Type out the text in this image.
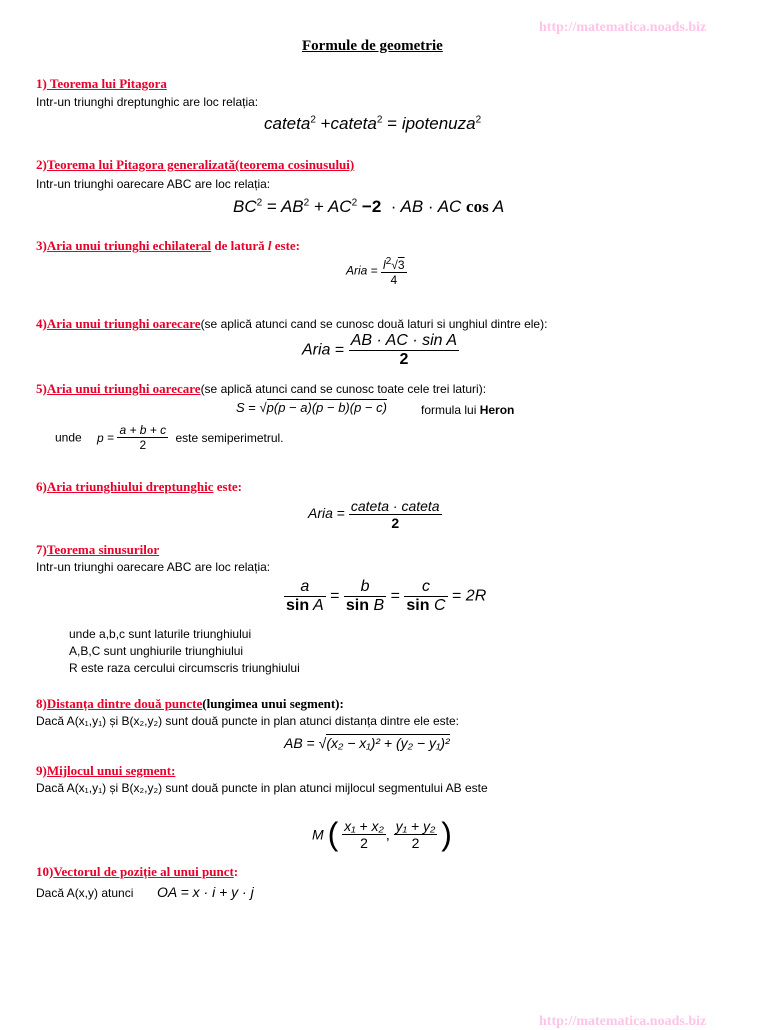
http://matematica.noads.biz
http://matematica.noads.biz
Formule de geometrie
1) Teorema lui Pitagora
Intr-un triunghi dreptunghic are loc relația:
cateta$^2$ +cateta$^2$ = ipotenuza$^2$
2)Teorema lui Pitagora generalizată(teorema cosinusului)
Intr-un triunghi oarecare ABC are loc relația:
$BC^2 = AB^2 + AC^2 -2$ · AB · AC cos A
3)Aria unui triunghi echilateral de latură l este:
Aria = $\frac{l^2√3}{4}$
4)Aria unui triunghi oarecare(se aplică atunci cand se cunosc două laturi si unghiul dintre ele):
Aria = $\frac{\text{AB · AC · sin A}}{2}$
5)Aria unui triunghi oarecare(se aplică atunci cand se cunosc toate cele trei laturi):
S = √p(p − a)(p − b)(p − c)	formula lui Heron
unde $p = \frac{a + b + c}{2}$ este semiperimetrul.
6)Aria triunghiului dreptunghic este:
Aria = $\frac{\text{cateta · cateta}}{2}$
7)Teorema sinusurilor
Intr-un triunghi oarecare ABC are loc relația:
$\frac{a}{\text{sin A}} = \frac{b}{\text{sin B}} = \frac{c}{\text{sin C}} = 2R$
unde a,b,c sunt laturile triunghiului
A,B,C sunt unghiurile triunghiului
R este raza cercului circumscris triunghiului
8)Distanța dintre două puncte(lungimea unui segment):
Dacă A(x₁,y₁) și B(x₂,y₂) sunt două puncte in plan atunci distanța dintre ele este:
AB = √(x₂ − x₁)² + (y₂ − y₁)²
9)Mijlocul unui segment:
Dacă A(x₁,y₁) și B(x₂,y₂) sunt două puncte in plan atunci mijlocul segmentului AB este
M ( $\frac{\text{x₁ + x₂}}{2}$ , $\frac{\text{y₁ + y₂}}{2}$ )
10)Vectorul de poziție al unui punct:
Dacă A(x,y) atunci OA = x · i + y · j
